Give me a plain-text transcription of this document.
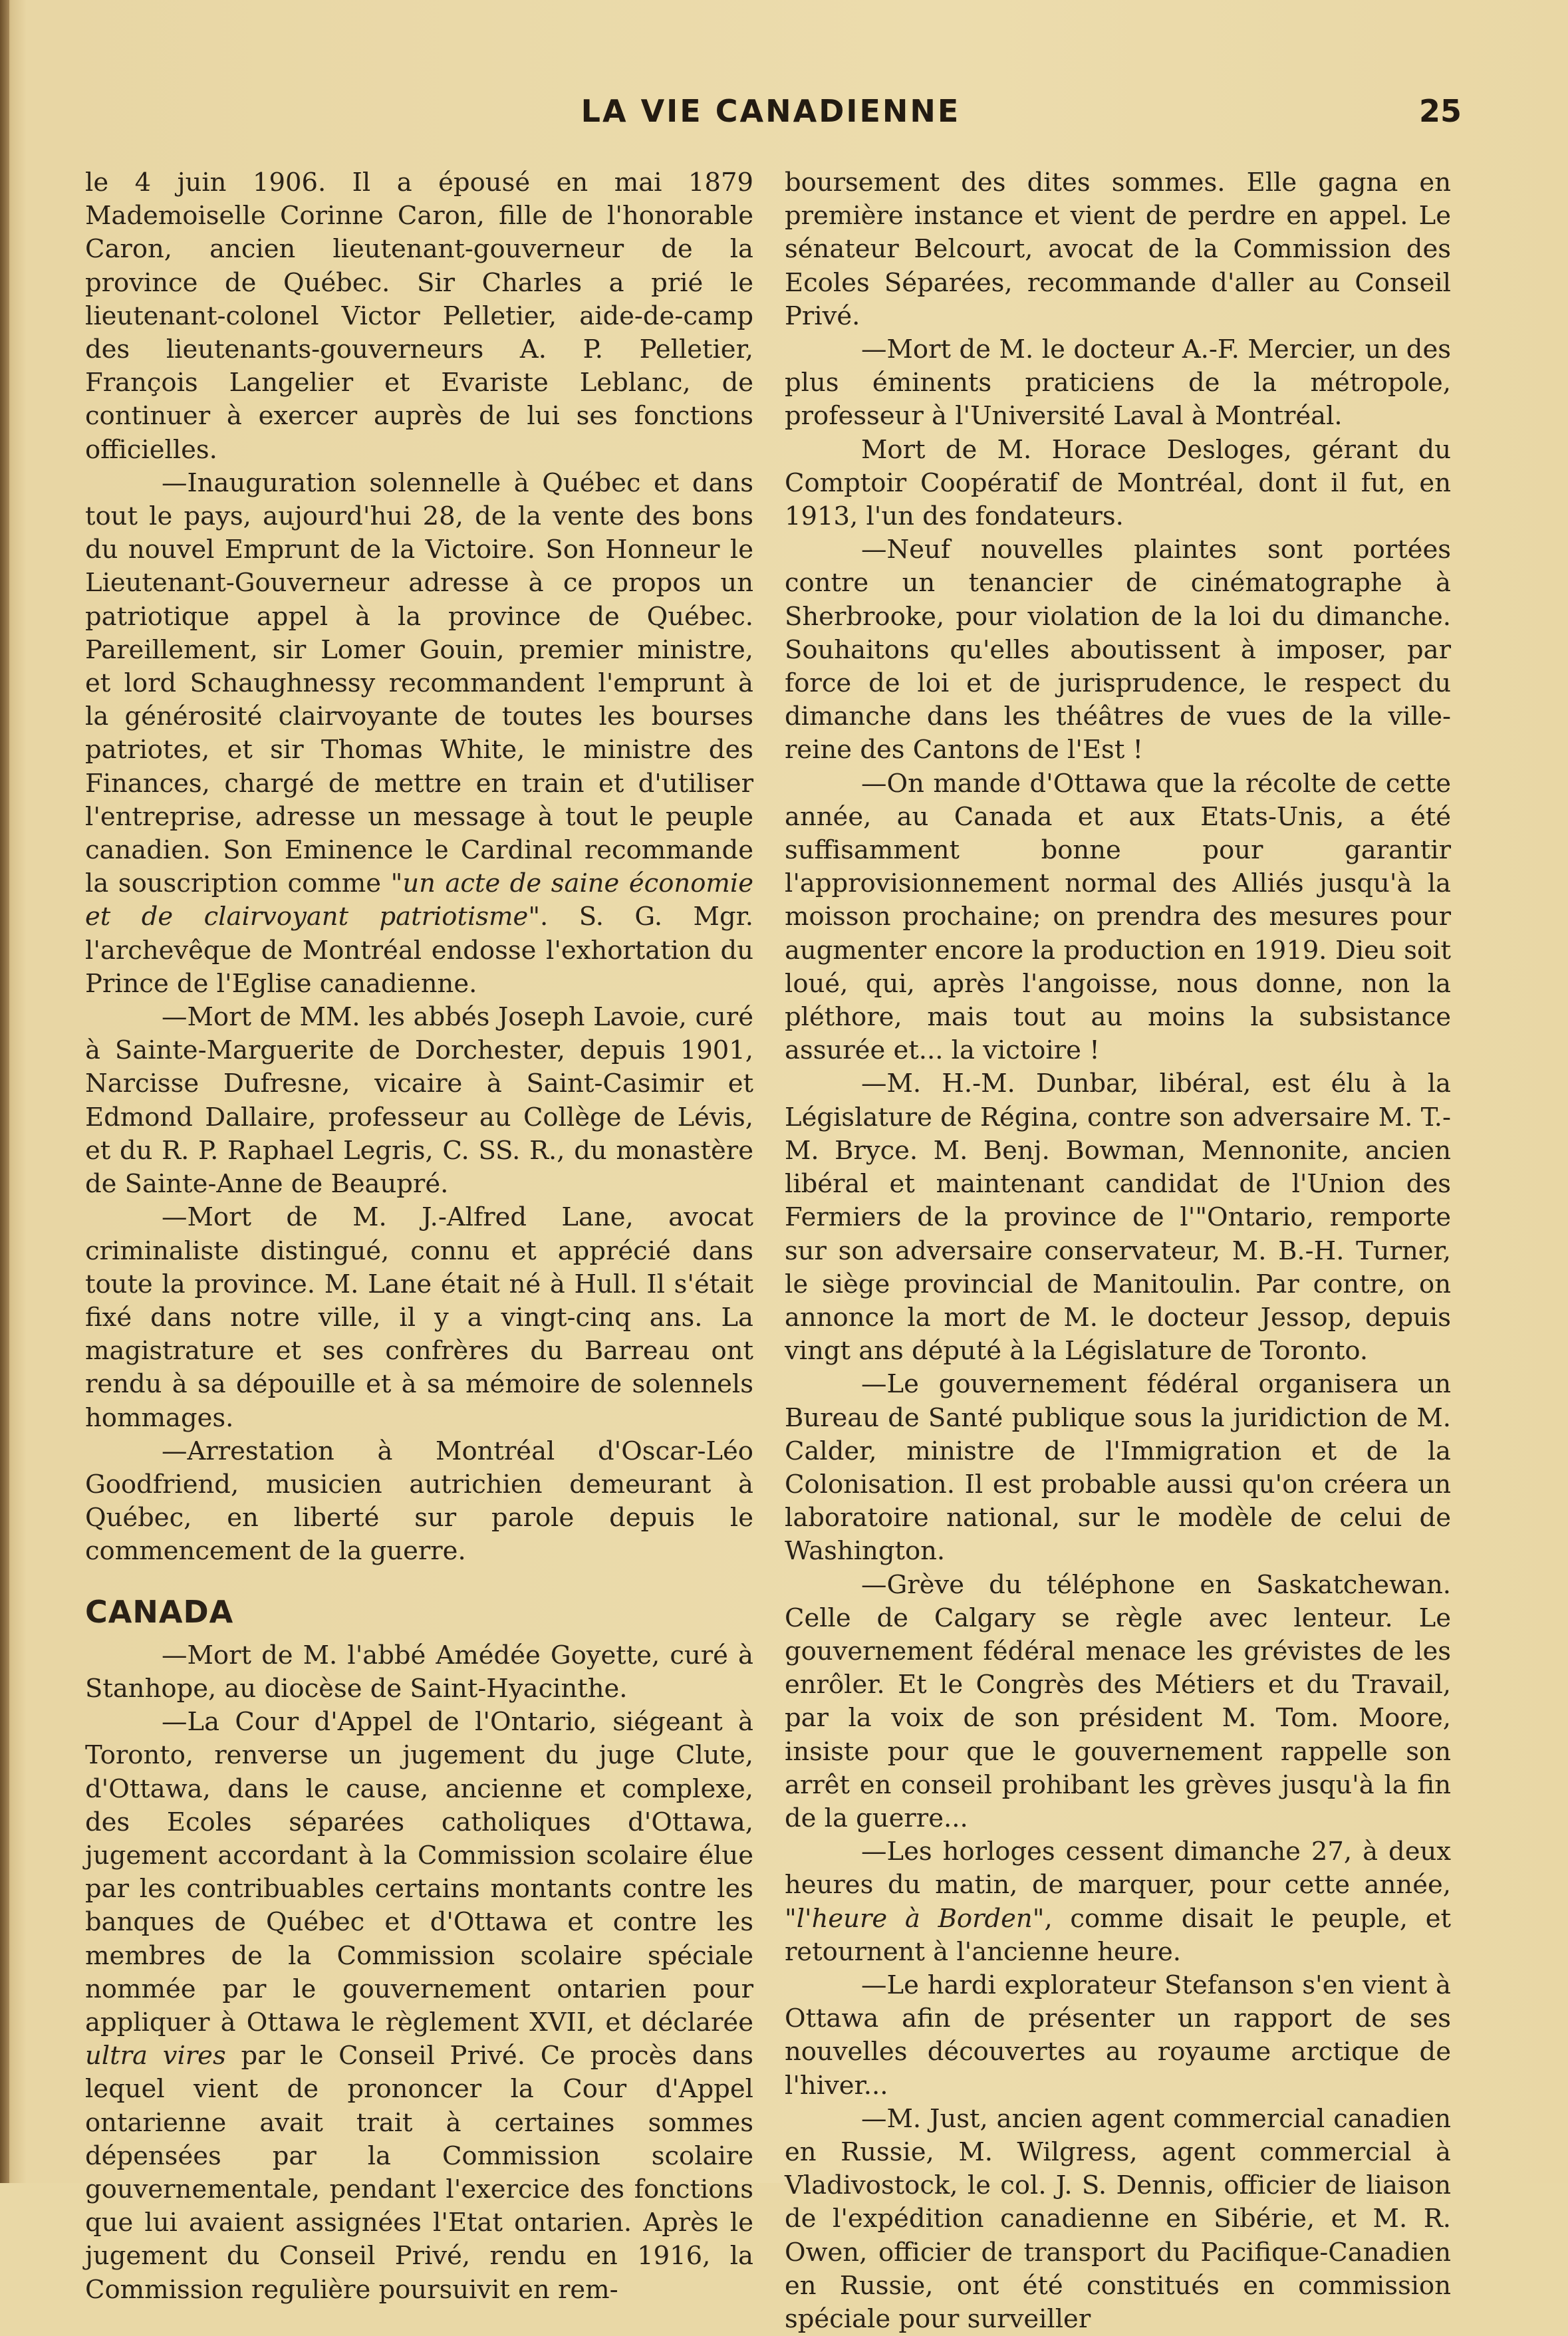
LA VIE CANADIENNE	25

le 4 juin 1906. Il a épousé en mai 1879 Mademoiselle Corinne Caron, fille de l'honorable Caron, ancien lieutenant-gouverneur de la province de Québec. Sir Charles a prié le lieutenant-colonel Victor Pelletier, aide-de-camp des lieutenants-gouverneurs A. P. Pelletier, François Langelier et Evariste Leblanc, de continuer à exercer auprès de lui ses fonctions officielles.

—Inauguration solennelle à Québec et dans tout le pays, aujourd'hui 28, de la vente des bons du nouvel Emprunt de la Victoire. Son Honneur le Lieutenant-Gouverneur adresse à ce propos un patriotique appel à la province de Québec. Pareillement, sir Lomer Gouin, premier ministre, et lord Schaughnessy recommandent l'emprunt à la générosité clairvoyante de toutes les bourses patriotes, et sir Thomas White, le ministre des Finances, chargé de mettre en train et d'utiliser l'entreprise, adresse un message à tout le peuple canadien. Son Eminence le Cardinal recommande la souscription comme "un acte de saine économie et de clairvoyant patriotisme". S. G. Mgr. l'archevêque de Montréal endosse l'exhortation du Prince de l'Eglise canadienne.

—Mort de MM. les abbés Joseph Lavoie, curé à Sainte-Marguerite de Dorchester, depuis 1901, Narcisse Dufresne, vicaire à Saint-Casimir et Edmond Dallaire, professeur au Collège de Lévis, et du R. P. Raphael Legris, C. SS. R., du monastère de Sainte-Anne de Beaupré.

—Mort de M. J.-Alfred Lane, avocat criminaliste distingué, connu et apprécié dans toute la province. M. Lane était né à Hull. Il s'était fixé dans notre ville, il y a vingt-cinq ans. La magistrature et ses confrères du Barreau ont rendu à sa dépouille et à sa mémoire de solennels hommages.

—Arrestation à Montréal d'Oscar-Léo Goodfriend, musicien autrichien demeurant à Québec, en liberté sur parole depuis le commencement de la guerre.

CANADA

—Mort de M. l'abbé Amédée Goyette, curé à Stanhope, au diocèse de Saint-Hyacinthe.

—La Cour d'Appel de l'Ontario, siégeant à Toronto, renverse un jugement du juge Clute, d'Ottawa, dans le cause, ancienne et complexe, des Ecoles séparées catholiques d'Ottawa, jugement accordant à la Commission scolaire élue par les contribuables certains montants contre les banques de Québec et d'Ottawa et contre les membres de la Commission scolaire spéciale nommée par le gouvernement ontarien pour appliquer à Ottawa le règlement XVII, et déclarée ultra vires par le Conseil Privé. Ce procès dans lequel vient de prononcer la Cour d'Appel ontarienne avait trait à certaines sommes dépensées par la Commission scolaire gouvernementale, pendant l'exercice des fonctions que lui avaient assignées l'Etat ontarien. Après le jugement du Conseil Privé, rendu en 1916, la Commission regulière poursuivit en rem-

boursement des dites sommes. Elle gagna en première instance et vient de perdre en appel. Le sénateur Belcourt, avocat de la Commission des Ecoles Séparées, recommande d'aller au Conseil Privé.

—Mort de M. le docteur A.-F. Mercier, un des plus éminents praticiens de la métropole, professeur à l'Université Laval à Montréal.

Mort de M. Horace Desloges, gérant du Comptoir Coopératif de Montréal, dont il fut, en 1913, l'un des fondateurs.

—Neuf nouvelles plaintes sont portées contre un tenancier de cinématographe à Sherbrooke, pour violation de la loi du dimanche. Souhaitons qu'elles aboutissent à imposer, par force de loi et de jurisprudence, le respect du dimanche dans les théâtres de vues de la ville-reine des Cantons de l'Est !

—On mande d'Ottawa que la récolte de cette année, au Canada et aux Etats-Unis, a été suffisamment bonne pour garantir l'approvisionnement normal des Alliés jusqu'à la moisson prochaine; on prendra des mesures pour augmenter encore la production en 1919. Dieu soit loué, qui, après l'angoisse, nous donne, non la pléthore, mais tout au moins la subsistance assurée et... la victoire !

—M. H.-M. Dunbar, libéral, est élu à la Législature de Régina, contre son adversaire M. T.-M. Bryce. M. Benj. Bowman, Mennonite, ancien libéral et maintenant candidat de l'Union des Fermiers de la province de l'"Ontario, remporte sur son adversaire conservateur, M. B.-H. Turner, le siège provincial de Manitoulin. Par contre, on annonce la mort de M. le docteur Jessop, depuis vingt ans député à la Législature de Toronto.

—Le gouvernement fédéral organisera un Bureau de Santé publique sous la juridiction de M. Calder, ministre de l'Immigration et de la Colonisation. Il est probable aussi qu'on créera un laboratoire national, sur le modèle de celui de Washington.

—Grève du téléphone en Saskatchewan. Celle de Calgary se règle avec lenteur. Le gouvernement fédéral menace les grévistes de les enrôler. Et le Congrès des Métiers et du Travail, par la voix de son président M. Tom. Moore, insiste pour que le gouvernement rappelle son arrêt en conseil prohibant les grèves jusqu'à la fin de la guerre...

—Les horloges cessent dimanche 27, à deux heures du matin, de marquer, pour cette année, "l'heure à Borden", comme disait le peuple, et retournent à l'ancienne heure.

—Le hardi explorateur Stefanson s'en vient à Ottawa afin de présenter un rapport de ses nouvelles découvertes au royaume arctique de l'hiver...

—M. Just, ancien agent commercial canadien en Russie, M. Wilgress, agent commercial à Vladivostock, le col. J. S. Dennis, officier de liaison de l'expédition canadienne en Sibérie, et M. R. Owen, officier de transport du Pacifique-Canadien en Russie, ont été constitués en commission spéciale pour surveiller
